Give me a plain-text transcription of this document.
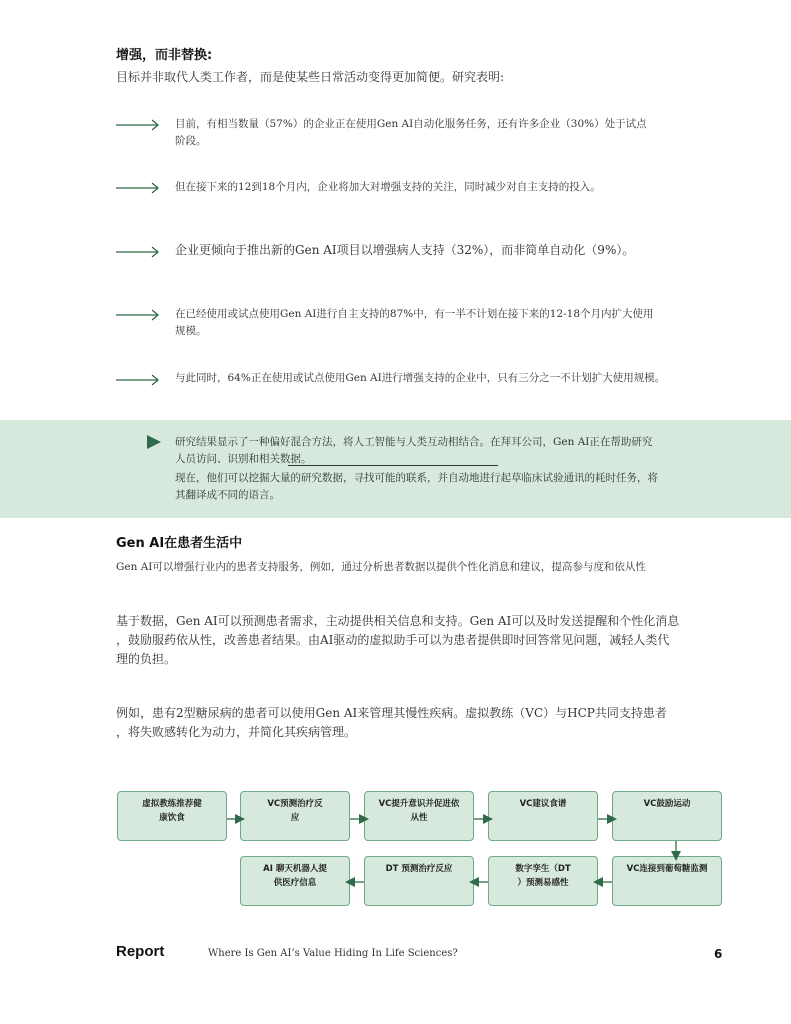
增强，而非替换:
目标并非取代人类工作者，而是使某些日常活动变得更加简便。研究表明:
目前，有相当数量（57%）的企业正在使用Gen AI自动化服务任务，还有许多企业（30%）处于试点
阶段。
但在接下来的12到18个月内，企业将加大对增强支持的关注，同时减少对自主支持的投入。
企业更倾向于推出新的Gen AI项目以增强病人支持（32%），而非简单自动化（9%）。
在已经使用或试点使用Gen AI进行自主支持的87%中，有一半不计划在接下来的12-18个月内扩大使用
规模。
与此同时，64%正在使用或试点使用Gen AI进行增强支持的企业中，只有三分之一不计划扩大使用规模。
研究结果显示了一种偏好混合方法，将人工智能与人类互动相结合。在拜耳公司，Gen AI正在帮助研究
人员访问、识别和相关数据。
现在，他们可以挖掘大量的研究数据，寻找可能的联系，并自动地进行起草临床试验通讯的耗时任务，将
其翻译成不同的语言。
Gen AI在患者生活中
Gen AI可以增强行业内的患者支持服务，例如，通过分析患者数据以提供个性化消息和建议，提高参与度和依从性
基于数据，Gen AI可以预测患者需求，主动提供相关信息和支持。Gen AI可以及时发送提醒和个性化消息
，鼓励服药依从性，改善患者结果。由AI驱动的虚拟助手可以为患者提供即时回答常见问题，减轻人类代
理的负担。
例如，患有2型糖尿病的患者可以使用Gen AI来管理其慢性疾病。虚拟教练（VC）与HCP共同支持患者
，将失败感转化为动力，并简化其疾病管理。
虚拟教练推荐健
康饮食
VC预测治疗反
应
VC提升意识并促进依
从性
VC建议食谱	VC鼓励运动
AI 聊天机器人提
供医疗信息
DT 预测治疗反应	数字孪生（DT
）预测易感性
VC连接到葡萄糖监测
Report	Where Is Gen AI’s Value Hiding In Life Sciences?	6
